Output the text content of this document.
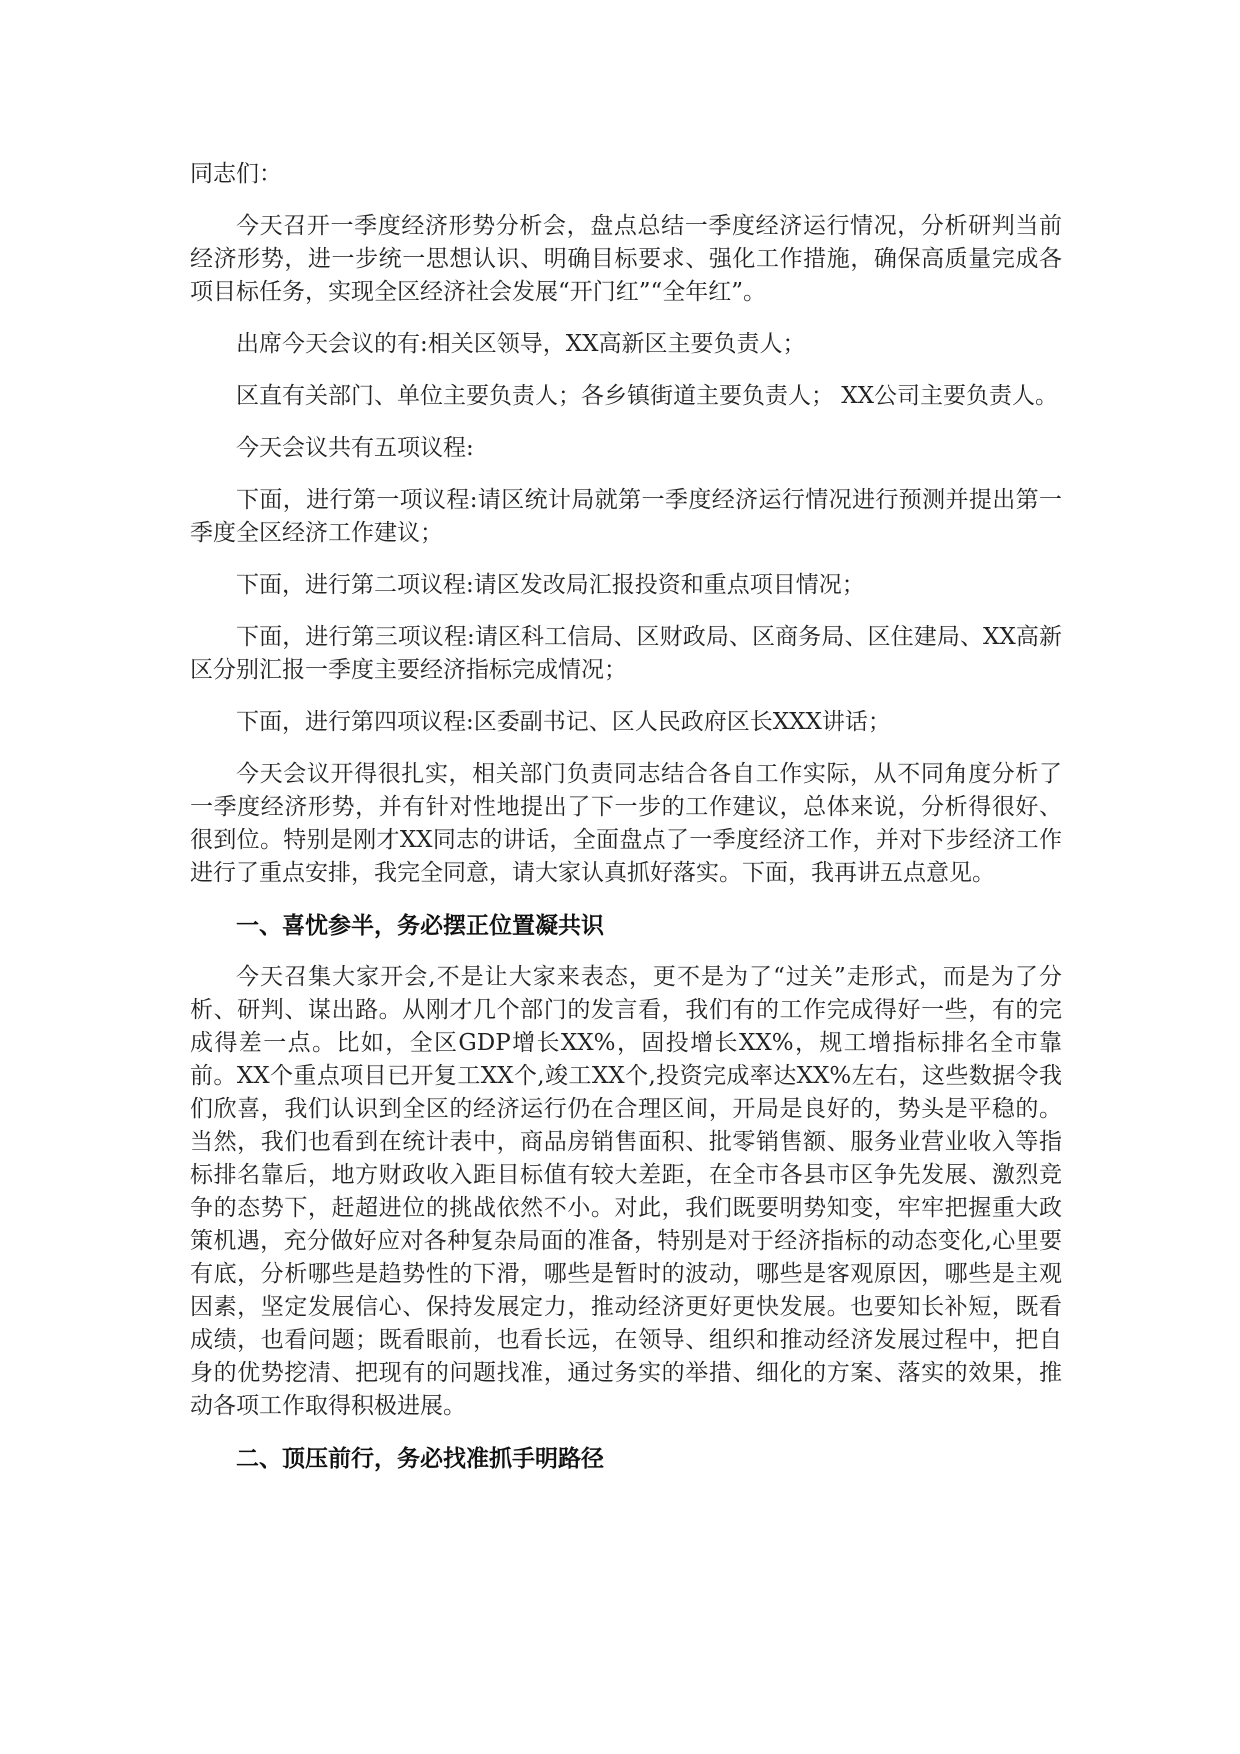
同志们：

今天召开一季度经济形势分析会，盘点总结一季度经济运行情况，分析研判当前经济形势，进一步统一思想认识、明确目标要求、强化工作措施，确保高质量完成各项目标任务，实现全区经济社会发展“开门红”“全年红”。

出席今天会议的有:相关区领导，XX高新区主要负责人；

区直有关部门、单位主要负责人；各乡镇街道主要负责人； XX公司主要负责人。

今天会议共有五项议程:

下面，进行第一项议程:请区统计局就第一季度经济运行情况进行预测并提出第一季度全区经济工作建议；

下面，进行第二项议程:请区发改局汇报投资和重点项目情况；

下面，进行第三项议程:请区科工信局、区财政局、区商务局、区住建局、XX高新区分别汇报一季度主要经济指标完成情况；

下面，进行第四项议程:区委副书记、区人民政府区长XXX讲话；

今天会议开得很扎实，相关部门负责同志结合各自工作实际，从不同角度分析了一季度经济形势，并有针对性地提出了下一步的工作建议，总体来说，分析得很好、很到位。特别是刚才XX同志的讲话，全面盘点了一季度经济工作，并对下步经济工作进行了重点安排，我完全同意，请大家认真抓好落实。下面，我再讲五点意见。

一、喜忧参半，务必摆正位置凝共识

今天召集大家开会,不是让大家来表态，更不是为了“过关”走形式，而是为了分析、研判、谋出路。从刚才几个部门的发言看，我们有的工作完成得好一些，有的完成得差一点。比如，全区GDP增长XX%，固投增长XX%，规工增指标排名全市靠前。XX个重点项目已开复工XX个,竣工XX个,投资完成率达XX%左右，这些数据令我们欣喜，我们认识到全区的经济运行仍在合理区间，开局是良好的，势头是平稳的。当然，我们也看到在统计表中，商品房销售面积、批零销售额、服务业营业收入等指标排名靠后，地方财政收入距目标值有较大差距，在全市各县市区争先发展、激烈竞争的态势下，赶超进位的挑战依然不小。对此，我们既要明势知变，牢牢把握重大政策机遇，充分做好应对各种复杂局面的准备，特别是对于经济指标的动态变化,心里要有底，分析哪些是趋势性的下滑，哪些是暂时的波动，哪些是客观原因，哪些是主观因素，坚定发展信心、保持发展定力，推动经济更好更快发展。也要知长补短，既看成绩，也看问题；既看眼前，也看长远，在领导、组织和推动经济发展过程中，把自身的优势挖清、把现有的问题找准，通过务实的举措、细化的方案、落实的效果，推动各项工作取得积极进展。

二、顶压前行，务必找准抓手明路径
